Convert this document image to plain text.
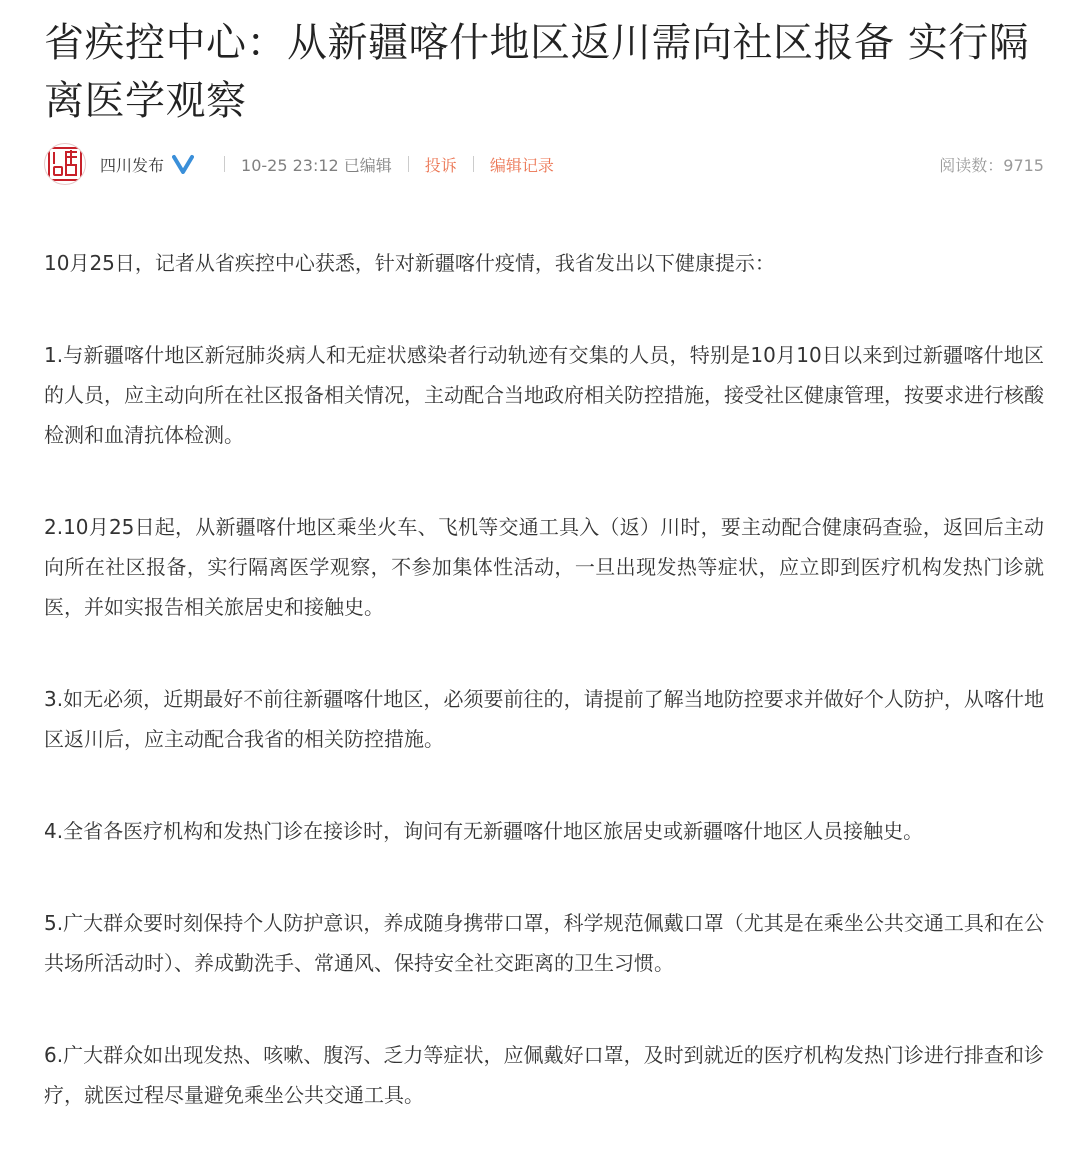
省疾控中心：从新疆喀什地区返川需向社区报备 实行隔离医学观察
四川发布	10-25 23:12 已编辑 投诉 编辑记录	阅读数：9715

10月25日，记者从省疾控中心获悉，针对新疆喀什疫情，我省发出以下健康提示：

1.与新疆喀什地区新冠肺炎病人和无症状感染者行动轨迹有交集的人员，特别是10月10日以来到过新疆喀什地区的人员，应主动向所在社区报备相关情况，主动配合当地政府相关防控措施，接受社区健康管理，按要求进行核酸检测和血清抗体检测。

2.10月25日起，从新疆喀什地区乘坐火车、飞机等交通工具入（返）川时，要主动配合健康码查验，返回后主动向所在社区报备，实行隔离医学观察，不参加集体性活动，一旦出现发热等症状，应立即到医疗机构发热门诊就医，并如实报告相关旅居史和接触史。

3.如无必须，近期最好不前往新疆喀什地区，必须要前往的，请提前了解当地防控要求并做好个人防护，从喀什地区返川后，应主动配合我省的相关防控措施。

4.全省各医疗机构和发热门诊在接诊时，询问有无新疆喀什地区旅居史或新疆喀什地区人员接触史。

5.广大群众要时刻保持个人防护意识，养成随身携带口罩，科学规范佩戴口罩（尤其是在乘坐公共交通工具和在公共场所活动时）、养成勤洗手、常通风、保持安全社交距离的卫生习惯。

6.广大群众如出现发热、咳嗽、腹泻、乏力等症状，应佩戴好口罩，及时到就近的医疗机构发热门诊进行排查和诊疗，就医过程尽量避免乘坐公共交通工具。
